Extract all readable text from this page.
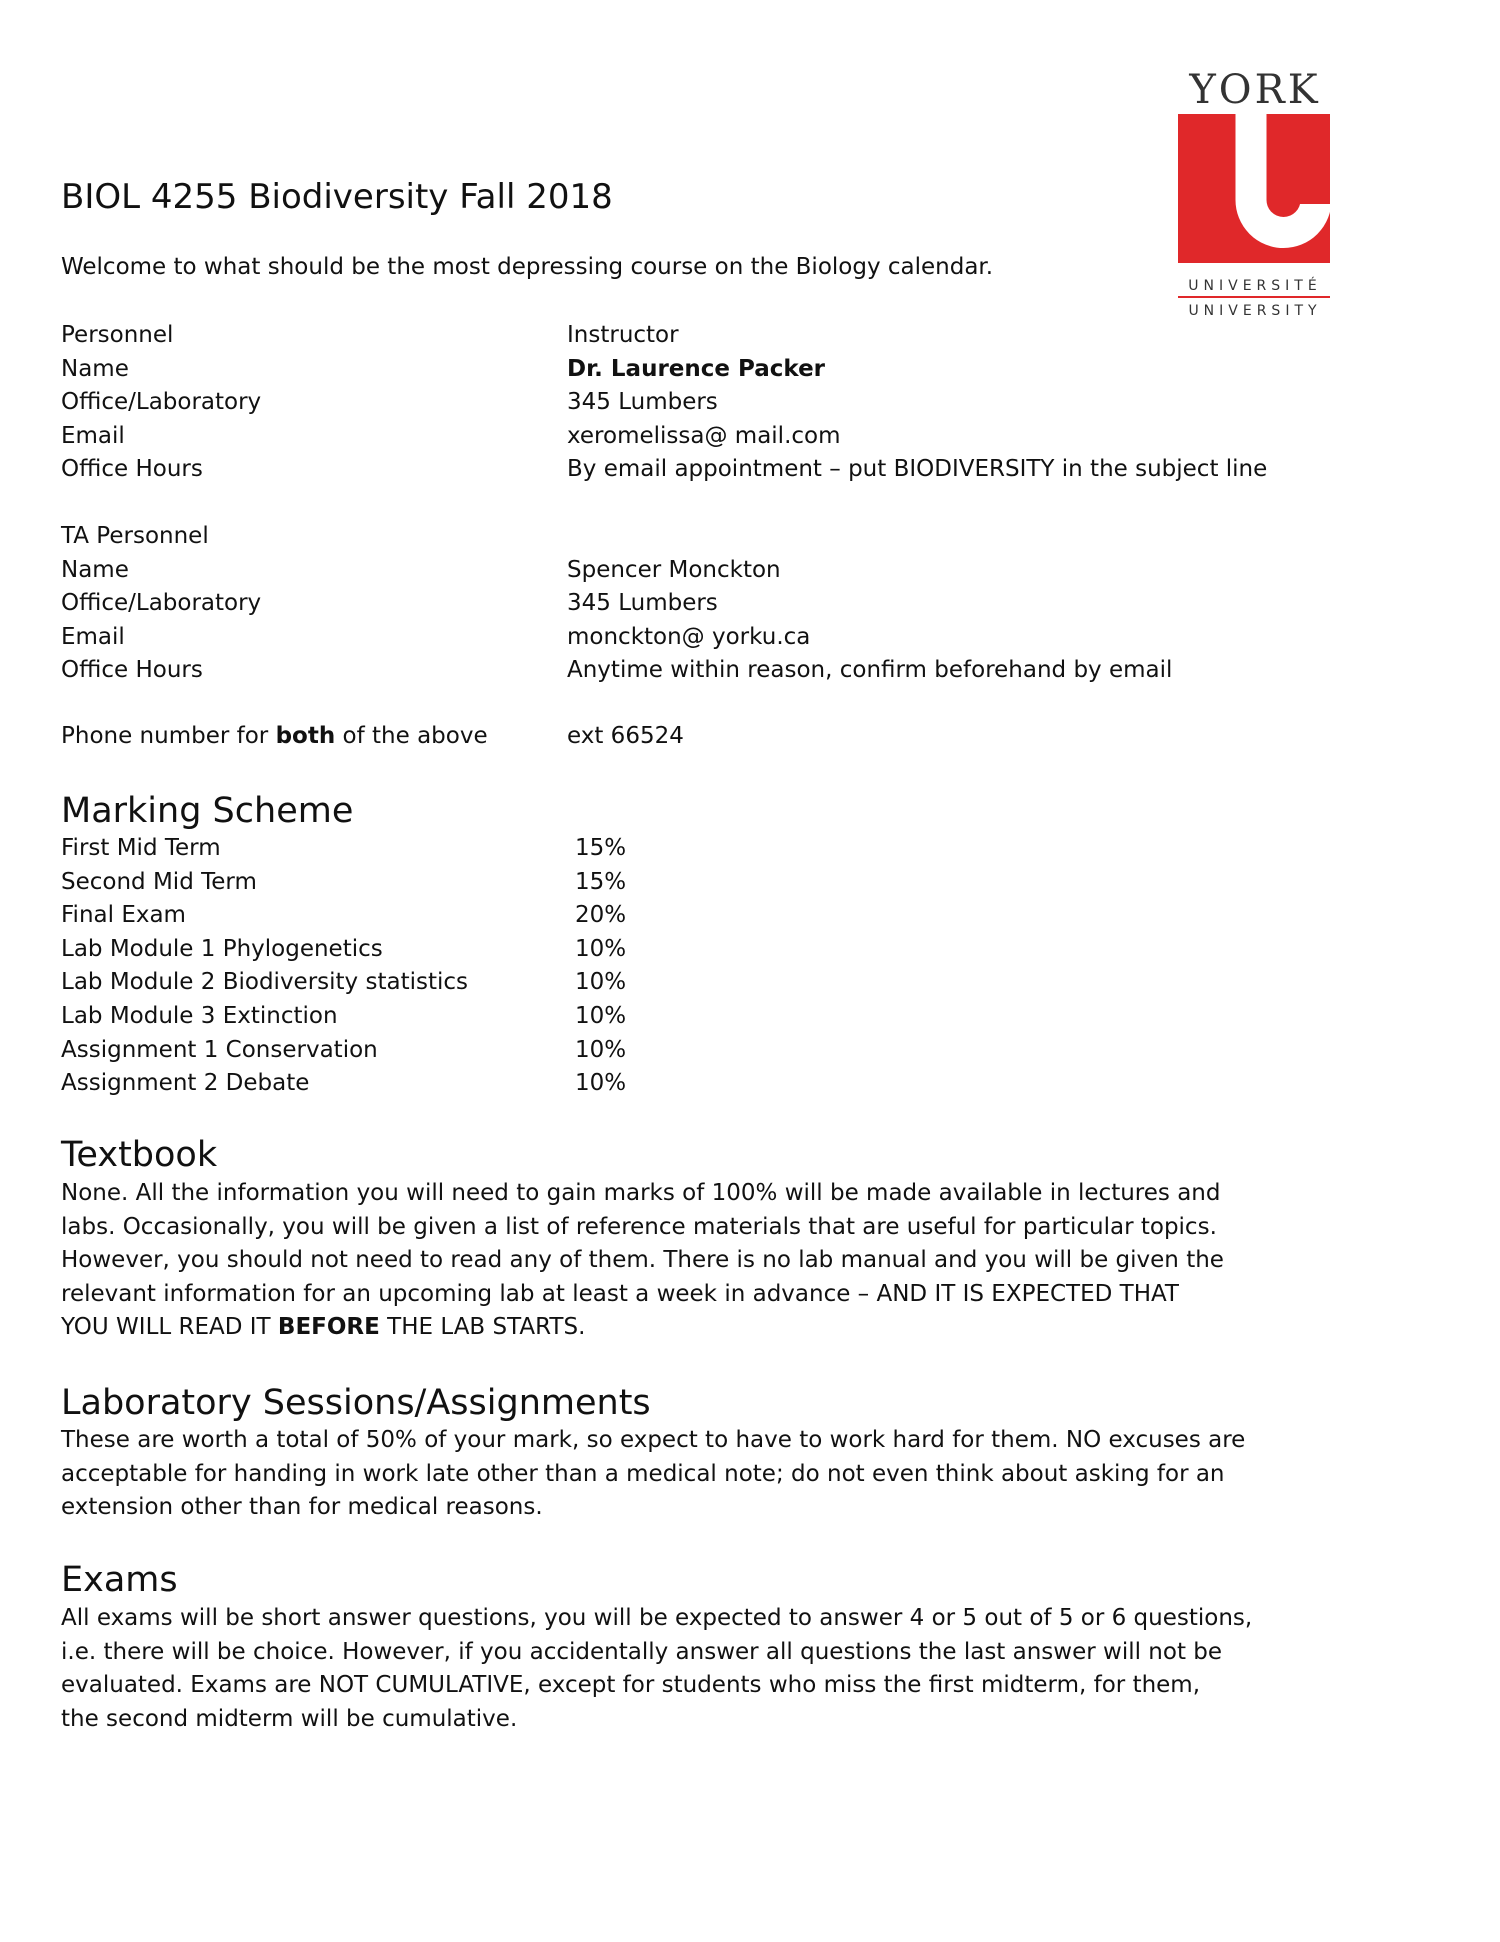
YORK
UNIVERSITÉ
UNIVERSITY
BIOL 4255 Biodiversity Fall 2018
Welcome to what should be the most depressing course on the Biology calendar.
Personnel	Instructor
Name	Dr. Laurence Packer
Office/Laboratory	345 Lumbers
Email	xeromelissa@ mail.com
Office Hours	By email appointment – put BIODIVERSITY in the subject line
TA Personnel
Name	Spencer Monckton
Office/Laboratory	345 Lumbers
Email	monckton@ yorku.ca
Office Hours	Anytime within reason, confirm beforehand by email
Phone number for both of the above	ext 66524
Marking Scheme
First Mid Term	15%
Second Mid Term	15%
Final Exam	20%
Lab Module 1 Phylogenetics	10%
Lab Module 2 Biodiversity statistics	10%
Lab Module 3 Extinction	10%
Assignment 1 Conservation	10%
Assignment 2 Debate	10%
Textbook
None. All the information you will need to gain marks of 100% will be made available in lectures and
labs. Occasionally, you will be given a list of reference materials that are useful for particular topics.
However, you should not need to read any of them. There is no lab manual and you will be given the
relevant information for an upcoming lab at least a week in advance – AND IT IS EXPECTED THAT
YOU WILL READ IT BEFORE THE LAB STARTS.
Laboratory Sessions/Assignments
These are worth a total of 50% of your mark, so expect to have to work hard for them. NO excuses are
acceptable for handing in work late other than a medical note; do not even think about asking for an
extension other than for medical reasons.
Exams
All exams will be short answer questions, you will be expected to answer 4 or 5 out of 5 or 6 questions,
i.e. there will be choice. However, if you accidentally answer all questions the last answer will not be
evaluated. Exams are NOT CUMULATIVE, except for students who miss the first midterm, for them,
the second midterm will be cumulative.
